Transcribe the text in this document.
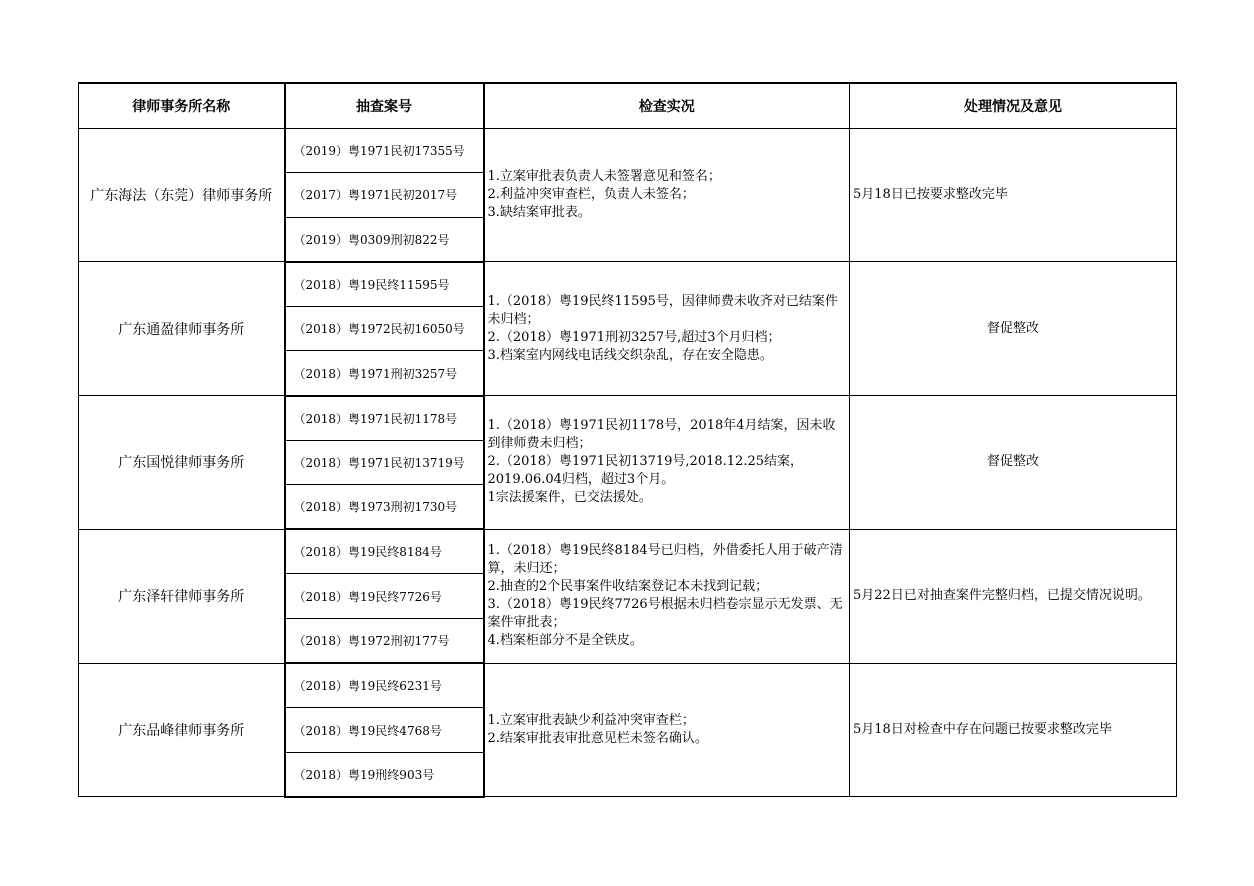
律师事务所名称	抽查案号	检查实况	处理情况及意见
广东海法（东莞）律师事务所	（2019）粤1971民初17355号	1.立案审批表负责人未签署意见和签名；
2.利益冲突审查栏，负责人未签名；
3.缺结案审批表。	5月18日已按要求整改完毕
	（2017）粤1971民初2017号		
	（2019）粤0309刑初822号		
广东通盈律师事务所	（2018）粤19民终11595号	1.（2018）粤19民终11595号，因律师费未收齐对已结案件未归档；
2.（2018）粤1971刑初3257号,超过3个月归档；
3.档案室内网线电话线交织杂乱，存在安全隐患。	督促整改
	（2018）粤1972民初16050号		
	（2018）粤1971刑初3257号		
广东国悦律师事务所	（2018）粤1971民初1178号	1.（2018）粤1971民初1178号，2018年4月结案，因未收到律师费未归档；
2.（2018）粤1971民初13719号,2018.12.25结案，2019.06.04归档，超过3个月。
1宗法援案件，已交法援处。	督促整改
	（2018）粤1971民初13719号		
	（2018）粤1973刑初1730号		
广东泽轩律师事务所	（2018）粤19民终8184号	1.（2018）粤19民终8184号已归档，外借委托人用于破产清算，未归还；
2.抽查的2个民事案件收结案登记本未找到记载；
3.（2018）粤19民终7726号根据未归档卷宗显示无发票、无案件审批表；
4.档案柜部分不是全铁皮。	5月22日已对抽查案件完整归档，已提交情况说明。
	（2018）粤19民终7726号		
	（2018）粤1972刑初177号		
广东品峰律师事务所	（2018）粤19民终6231号	1.立案审批表缺少利益冲突审查栏；
2.结案审批表审批意见栏未签名确认。	5月18日对检查中存在问题已按要求整改完毕
	（2018）粤19民终4768号		
	（2018）粤19刑终903号		
